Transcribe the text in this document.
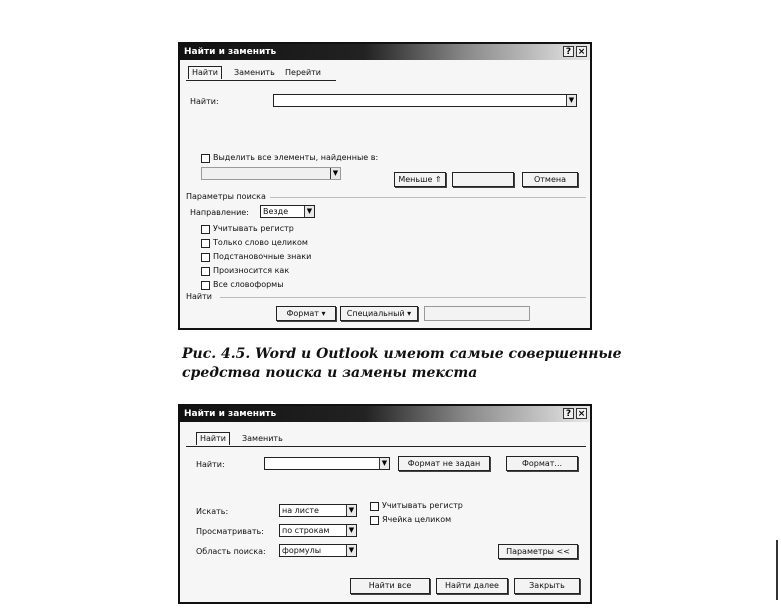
Найти и заменить	? ×
Найти	Заменить Перейти
Найти:	▼
Выделить все элементы, найденные в:
▼
Меньше ⇑	Отмена
Параметры поиска
Направление:	Везде	▼
Учитывать регистр
Только слово целиком
Подстановочные знаки
Произносится как
Все словоформы
Найти
Формат ▾	Специальный ▾
Рис. 4.5. Word и Outlook имеют самые совершенные
средства поиска и замены текста
Найти и заменить	? ×
Найти	Заменить
Найти:	▼	Формат не задан	Формат...
Искать:	на листе	▼
Просматривать:	по строкам	▼
Область поиска:	формулы	▼
Учитывать регистр
Ячейка целиком
Параметры <<
Найти все	Найти далее	Закрыть
